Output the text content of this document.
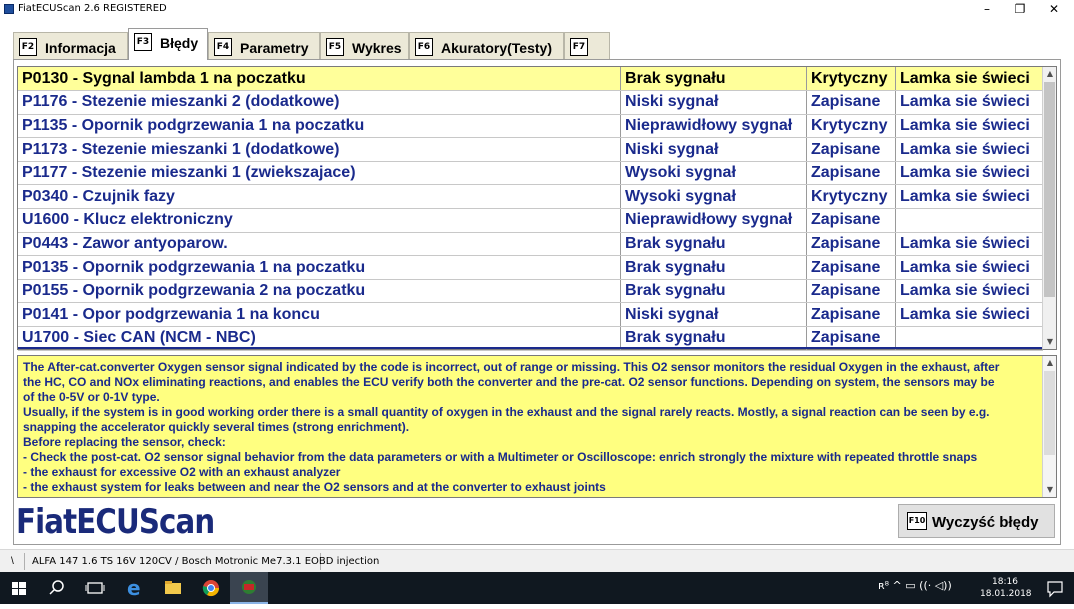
FiatECUScan 2.6 REGISTERED	–	❐	✕
F2 Informacja	F3 Błędy	F4 Parametry	F5 Wykres	F6 Akuratory(Testy)	F7
P0130 - Sygnal lambda 1 na poczatku	Brak sygnału	Krytyczny	Lamka sie świeci
P1176 - Stezenie mieszanki 2 (dodatkowe)	Niski sygnał	Zapisane	Lamka sie świeci
P1135 - Opornik podgrzewania 1 na poczatku	Nieprawidłowy sygnał	Krytyczny	Lamka sie świeci
P1173 - Stezenie mieszanki 1 (dodatkowe)	Niski sygnał	Zapisane	Lamka sie świeci
P1177 - Stezenie mieszanki 1 (zwiekszajace)	Wysoki sygnał	Zapisane	Lamka sie świeci
P0340 - Czujnik fazy	Wysoki sygnał	Krytyczny	Lamka sie świeci
U1600 - Klucz elektroniczny	Nieprawidłowy sygnał	Zapisane	
P0443 - Zawor antyoparow.	Brak sygnału	Zapisane	Lamka sie świeci
P0135 - Opornik podgrzewania 1 na poczatku	Brak sygnału	Zapisane	Lamka sie świeci
P0155 - Opornik podgrzewania 2 na poczatku	Brak sygnału	Zapisane	Lamka sie świeci
P0141 - Opor podgrzewania 1 na koncu	Niski sygnał	Zapisane	Lamka sie świeci
U1700 - Siec CAN (NCM - NBC)	Brak sygnału	Zapisane	
▲
▼
The After-cat.converter Oxygen sensor signal indicated by the code is incorrect, out of range or missing. This O2 sensor monitors the residual Oxygen in the exhaust, after
the HC, CO and NOx eliminating reactions, and enables the ECU verify both the converter and the pre-cat. O2 sensor functions. Depending on system, the sensors may be
of the 0-5V or 0-1V type.
Usually, if the system is in good working order there is a small quantity of oxygen in the exhaust and the signal rarely reacts. Mostly, a signal reaction can be seen by e.g.
snapping the accelerator quickly several times (strong enrichment).
Before replacing the sensor, check:
- Check the post-cat. O2 sensor signal behavior from the data parameters or with a Multimeter or Oscilloscope: enrich strongly the mixture with repeated throttle snaps
- the exhaust for excessive O2 with an exhaust analyzer
- the exhaust system for leaks between and near the O2 sensors and at the converter to exhaust joints
▲
▼
FiatECUScan	F10 Wyczyść błędy
\	ALFA 147 1.6 TS 16V 120CV / Bosch Motronic Me7.3.1 EOBD injection
e	ʀ⁸ ^ ▭ ((· ◁))	18:16
18.01.2018
